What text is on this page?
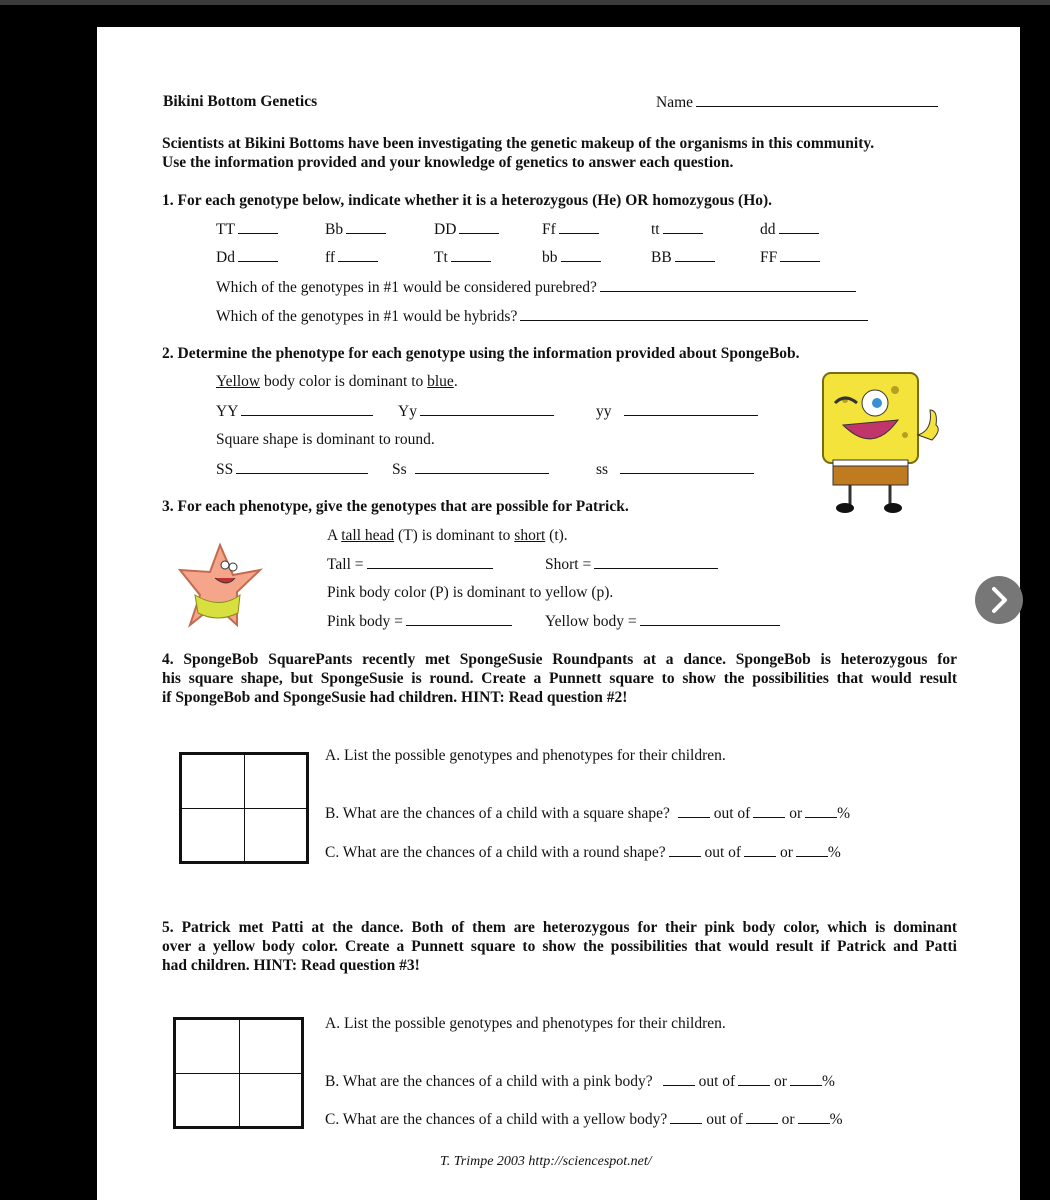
Bikini Bottom Genetics	Name
Scientists at Bikini Bottoms have been investigating the genetic makeup of the organisms in this community.
Use the information provided and your knowledge of genetics to answer each question.
1. For each genotype below, indicate whether it is a heterozygous (He) OR homozygous (Ho).
TT	Bb	DD	Ff	tt	dd
Dd	ff	Tt	bb	BB	FF
Which of the genotypes in #1 would be considered purebred?
Which of the genotypes in #1 would be hybrids?
2. Determine the phenotype for each genotype using the information provided about SpongeBob.
Yellow body color is dominant to blue.
YY	Yy	yy
Square shape is dominant to round.
SS	Ss	ss
3. For each phenotype, give the genotypes that are possible for Patrick.
A tall head (T) is dominant to short (t).
Tall =	Short =
Pink body color (P) is dominant to yellow (p).
Pink body =	Yellow body =
4. SpongeBob SquarePants recently met SpongeSusie Roundpants at a dance. SpongeBob is heterozygous for
his square shape, but SpongeSusie is round. Create a Punnett square to show the possibilities that would result
if SpongeBob and SpongeSusie had children. HINT: Read question #2!
A. List the possible genotypes and phenotypes for their children.
B. What are the chances of a child with a square shape?	out of	or %
C. What are the chances of a child with a round shape?	out of	or %
5. Patrick met Patti at the dance. Both of them are heterozygous for their pink body color, which is dominant
over a yellow body color. Create a Punnett square to show the possibilities that would result if Patrick and Patti
had children. HINT: Read question #3!
A. List the possible genotypes and phenotypes for their children.
B. What are the chances of a child with a pink body?	out of	or %
C. What are the chances of a child with a yellow body?	out of	or %
T. Trimpe 2003 http://sciencespot.net/
